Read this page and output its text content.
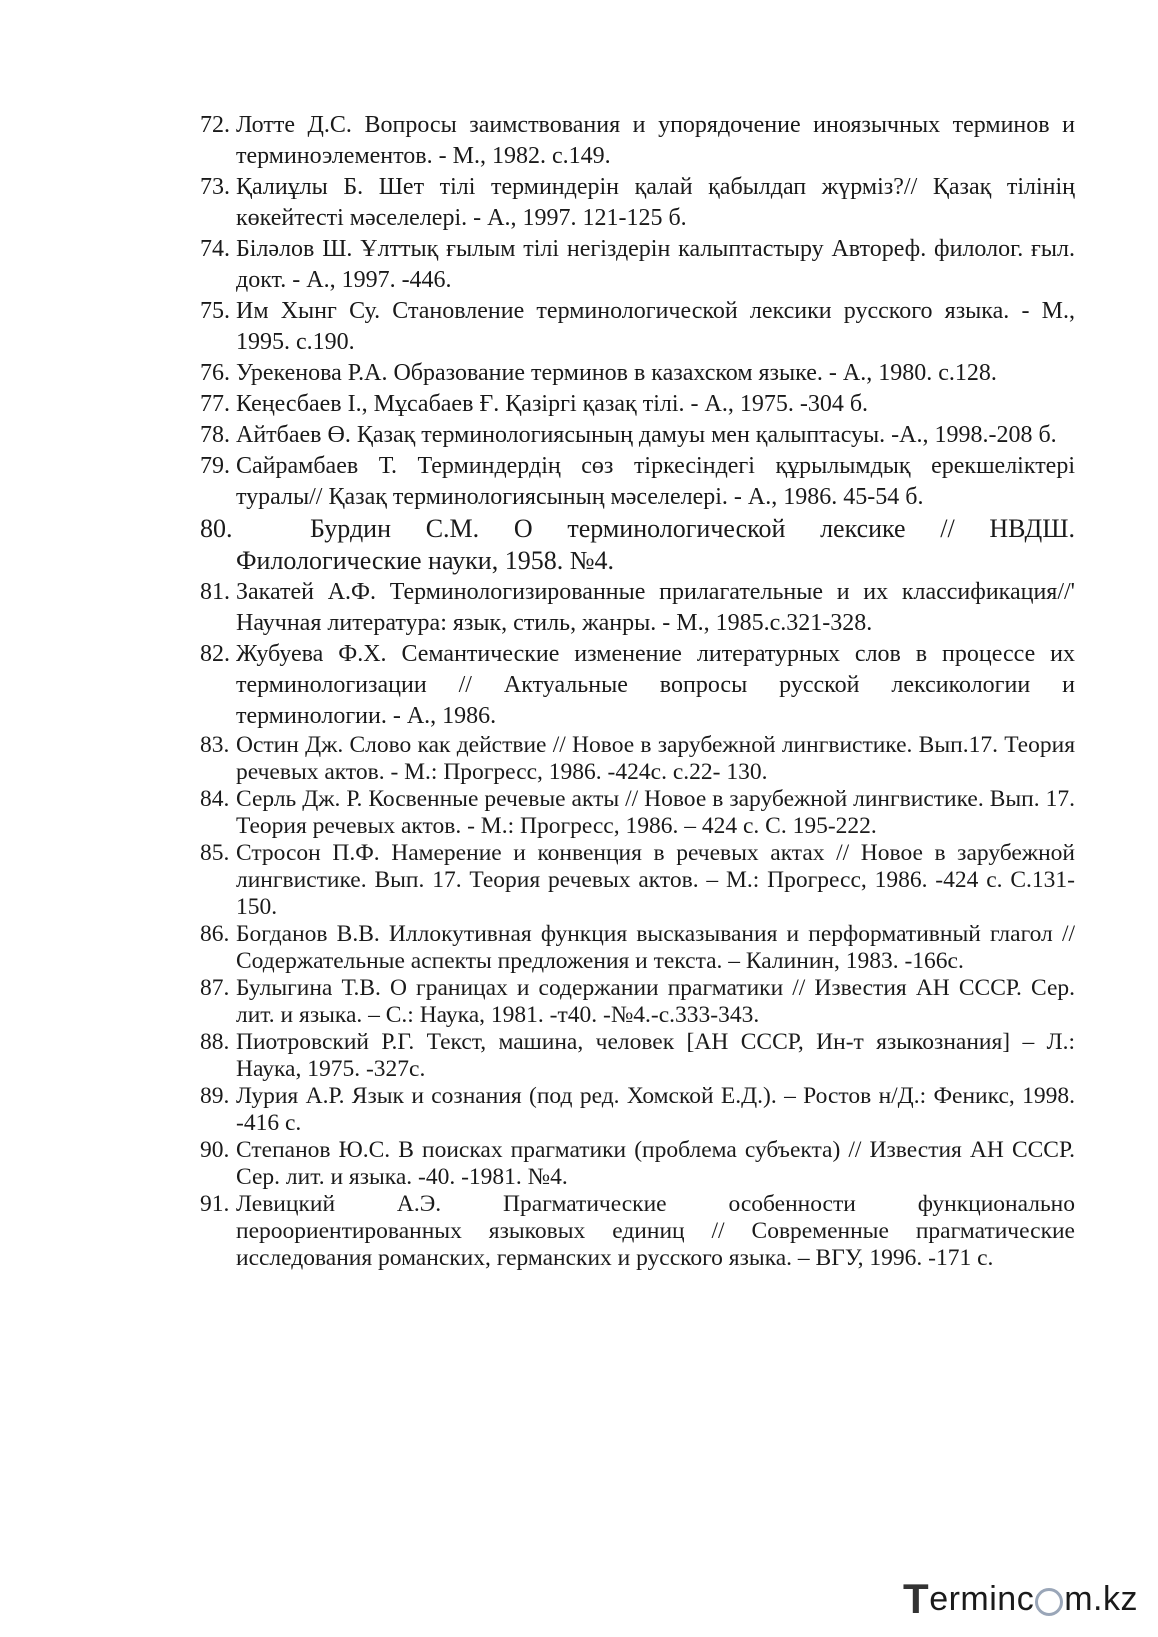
72. Лотте Д.С. Вопросы заимствования и упорядочение иноязычных терминов и терминоэлементов. - М., 1982. с.149.
73. Қалиұлы Б. Шет тілі терминдерін қалай қабылдап жүрміз?// Қазақ тілінің көкейтесті мәселелері. - А., 1997. 121-125 б.
74. Біләлов Ш. Ұлттық ғылым тілі негіздерін калыптастыру Автореф. филолог. ғыл. докт. - А., 1997. -446.
75. Им Хынг Су. Становление терминологической лексики русского языка. - М., 1995. с.190.
76. Урекенова Р.А. Образование терминов в казахском языке. - А., 1980. с.128.
77. Кеңесбаев І., Мұсабаев Ғ. Қазіргі қазақ тілі. - А., 1975. -304 б.
78. Айтбаев Ө. Қазақ терминологиясының дамуы мен қалыптасуы. -А., 1998.-208 б.
79. Сайрамбаев Т. Терминдердің сөз тіркесіндегі құрылымдық ерекшеліктері туралы// Қазақ терминологиясының мәселелері. - А., 1986. 45-54 б.
80.	Бурдин С.М. О терминологической лексике // НВДШ. Филологические науки, 1958. №4.
81. Закатей А.Ф. Терминологизированные прилагательные и их классификация//' Научная литература: язык, стиль, жанры. - М., 1985.с.321-328.
82. Жубуева Ф.Х. Семантические изменение литературных слов в процессе их терминологизации // Актуальные вопросы русской лексикологии и терминологии. - А., 1986.
83. Остин Дж. Слово как действие // Новое в зарубежной лингвистике. Вып.17. Теория речевых актов. - М.: Прогресс, 1986. -424с. с.22- 130.
84. Серль Дж. Р. Косвенные речевые акты // Новое в зарубежной лингвистике. Вып. 17. Теория речевых актов. - М.: Прогресс, 1986. – 424 с. С. 195-222.
85. Стросон П.Ф. Намерение и конвенция в речевых актах // Новое в зарубежной лингвистике. Вып. 17. Теория речевых актов. – М.: Прогресс, 1986. -424 с. С.131-150.
86. Богданов В.В. Иллокутивная функция высказывания и перформативный глагол // Содержательные аспекты предложения и текста. – Калинин, 1983. -166с.
87. Булыгина Т.В. О границах и содержании прагматики // Известия АН СССР. Сер. лит. и языка. – С.: Наука, 1981. -т40. -№4.-с.333-343.
88. Пиотровский Р.Г. Текст, машина, человек [АН СССР, Ин-т языкознания] – Л.: Наука, 1975. -327с.
89. Лурия А.Р. Язык и сознания (под ред. Хомской Е.Д.). – Ростов н/Д.: Феникс, 1998. -416 с.
90. Степанов Ю.С. В поисках прагматики (проблема субъекта) // Известия АН СССР. Сер. лит. и языка. -40. -1981. №4.
91. Левицкий А.Э. Прагматические особенности функционально пероориентированных языковых единиц // Современные прагматические исследования романских, германских и русского языка. – ВГУ, 1996. -171 с.
T ermin c m.kz
